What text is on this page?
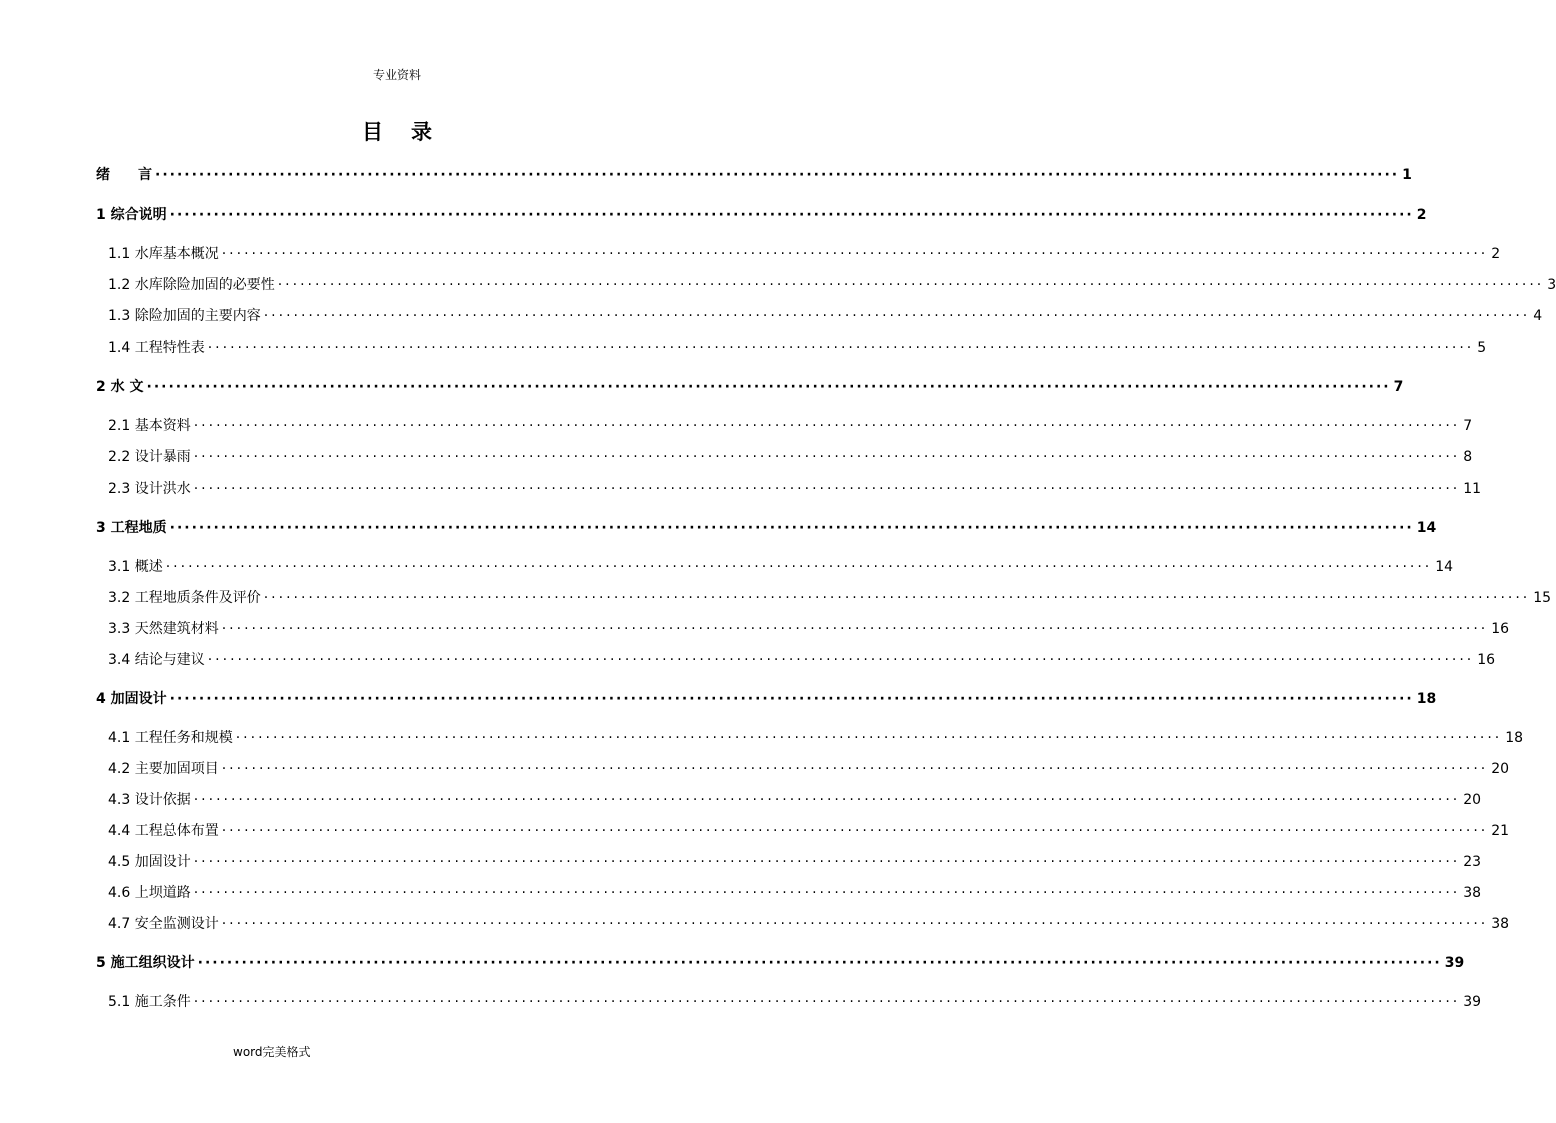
专业资料
目 录
绪　　言 ·········································································································································································· 1
1 综合说明 ·········································································································································································· 2
1.1 水库基本概况 ·········································································································································································· 2
1.2 水库除险加固的必要性 ·········································································································································································· 3
1.3 除险加固的主要内容 ·········································································································································································· 4
1.4 工程特性表 ·········································································································································································· 5
2 水 文 ·········································································································································································· 7
2.1 基本资料 ·········································································································································································· 7
2.2 设计暴雨 ·········································································································································································· 8
2.3 设计洪水 ·········································································································································································· 11
3 工程地质 ·········································································································································································· 14
3.1 概述 ·········································································································································································· 14
3.2 工程地质条件及评价 ·········································································································································································· 15
3.3 天然建筑材料 ·········································································································································································· 16
3.4 结论与建议 ·········································································································································································· 16
4 加固设计 ·········································································································································································· 18
4.1 工程任务和规模 ·········································································································································································· 18
4.2 主要加固项目 ·········································································································································································· 20
4.3 设计依据 ·········································································································································································· 20
4.4 工程总体布置 ·········································································································································································· 21
4.5 加固设计 ·········································································································································································· 23
4.6 上坝道路 ·········································································································································································· 38
4.7 安全监测设计 ·········································································································································································· 38
5 施工组织设计 ·········································································································································································· 39
5.1 施工条件 ·········································································································································································· 39
word完美格式
